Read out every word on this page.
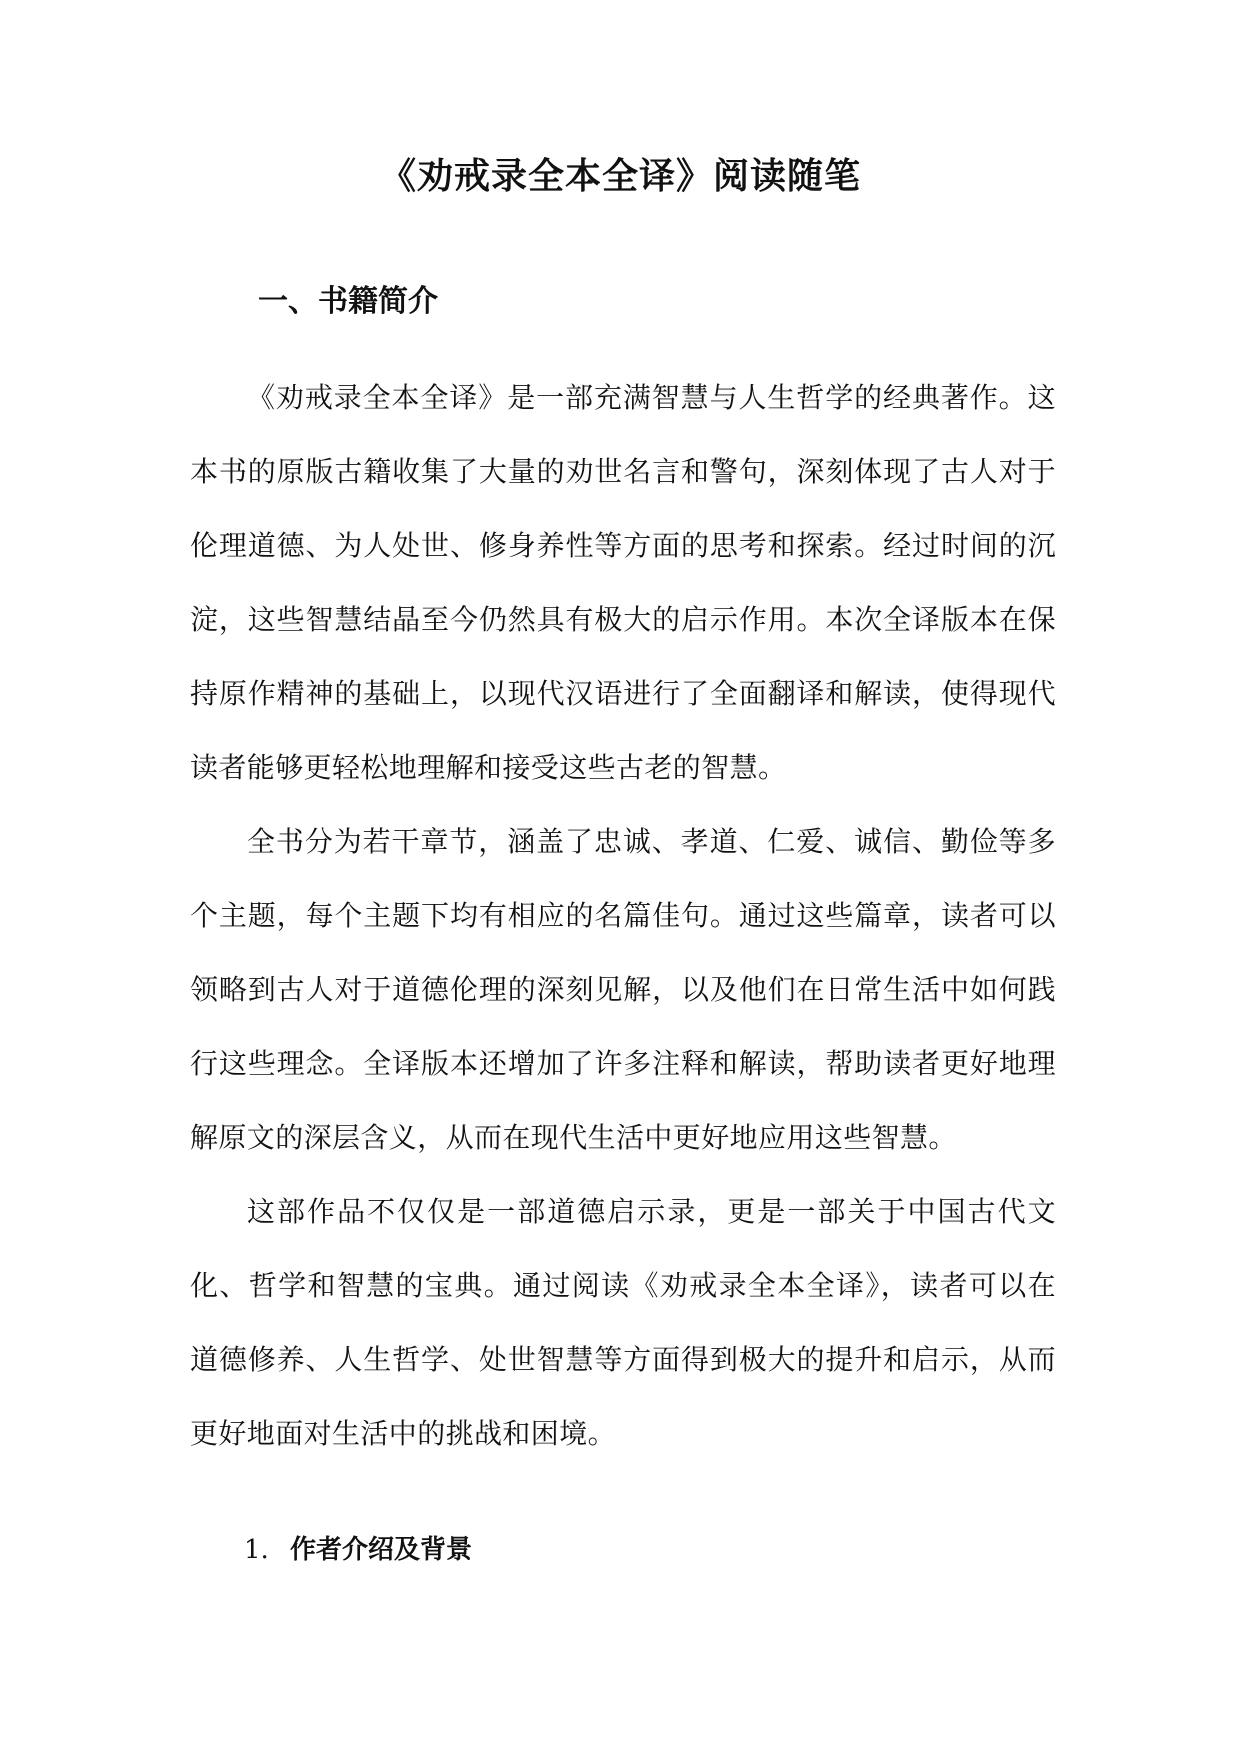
《劝戒录全本全译》阅读随笔
一、书籍简介

《劝戒录全本全译》是一部充满智慧与人生哲学的经典著作。这本书的原版古籍收集了大量的劝世名言和警句，深刻体现了古人对于伦理道德、为人处世、修身养性等方面的思考和探索。经过时间的沉淀，这些智慧结晶至今仍然具有极大的启示作用。本次全译版本在保持原作精神的基础上，以现代汉语进行了全面翻译和解读，使得现代读者能够更轻松地理解和接受这些古老的智慧。

全书分为若干章节，涵盖了忠诚、孝道、仁爱、诚信、勤俭等多个主题，每个主题下均有相应的名篇佳句。通过这些篇章，读者可以领略到古人对于道德伦理的深刻见解，以及他们在日常生活中如何践行这些理念。全译版本还增加了许多注释和解读，帮助读者更好地理解原文的深层含义，从而在现代生活中更好地应用这些智慧。

这部作品不仅仅是一部道德启示录，更是一部关于中国古代文化、哲学和智慧的宝典。通过阅读《劝戒录全本全译》，读者可以在道德修养、人生哲学、处世智慧等方面得到极大的提升和启示，从而更好地面对生活中的挑战和困境。

1. 作者介绍及背景
